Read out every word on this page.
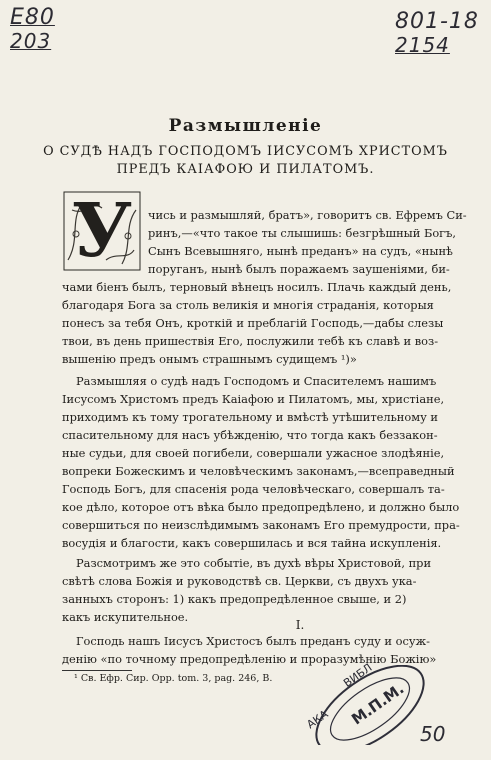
Е80
203
801-18
2154
Размышленiе
О СУДѢ НАДЪ ГОСПОДОМЪ IИСУСОМЪ ХРИСТОМЪ
ПРЕДЪ КАIАФОЮ И ПИЛАТОМЪ.
У	чись и размышляй, братъ», говоритъ св. Ефремъ Си-
ринъ,—«что такое ты слышишь: безгрѣшный Богъ,
Сынъ Всевышняго, нынѣ преданъ» на судъ, «нынѣ
поруганъ, нынѣ былъ поражаемъ заушенiями, би-
чами бiенъ былъ, терновый вѣнецъ носилъ. Плачь каждый день,
благодаря Бога за столь великiя и многiя страданiя, которыя
понесъ за тебя Онъ, кроткiй и преблагiй Господь,—дабы слезы
твои, въ день пришествiя Его, послужили тебѣ къ славѣ и воз-
вышенiю предъ онымъ страшнымъ судищемъ ¹)»
Размышляя о судѣ надъ Господомъ и Спасителемъ нашимъ
Iисусомъ Христомъ предъ Каiафою и Пилатомъ, мы, христiане,
приходимъ къ тому трогательному и вмѣстѣ утѣшительному и
спасительному для насъ убѣжденiю, что тогда какъ беззакон-
ные судьи, для своей погибели, совершали ужасное злодѣянiе,
вопреки Божескимъ и человѣческимъ законамъ,—всеправедный
Господь Богъ, для спасенiя рода человѣческаго, совершалъ та-
кое дѣло, которое отъ вѣка было предопредѣлено, и должно было
совершиться по неизслѣдимымъ законамъ Его премудрости, пра-
восудiя и благости, какъ совершилась и вся тайна искупленiя.
Разсмотримъ же это событiе, въ духѣ вѣры Христовой, при
свѣтѣ слова Божiя и руководствѣ св. Церкви, съ двухъ ука-
занныхъ сторонъ: 1) какъ предопредѣленное свыше, и 2)
какъ искупительное.
I.
Господь нашъ Iисусъ Христосъ былъ преданъ суду и осуж-
денiю «по точному предопредѣленiю и проразумѣнiю Божiю»
¹ Св. Ефр. Сир. Opp. tom. 3, pag. 246, B.	ВИБЛ
М.П.М.
АКА
50
